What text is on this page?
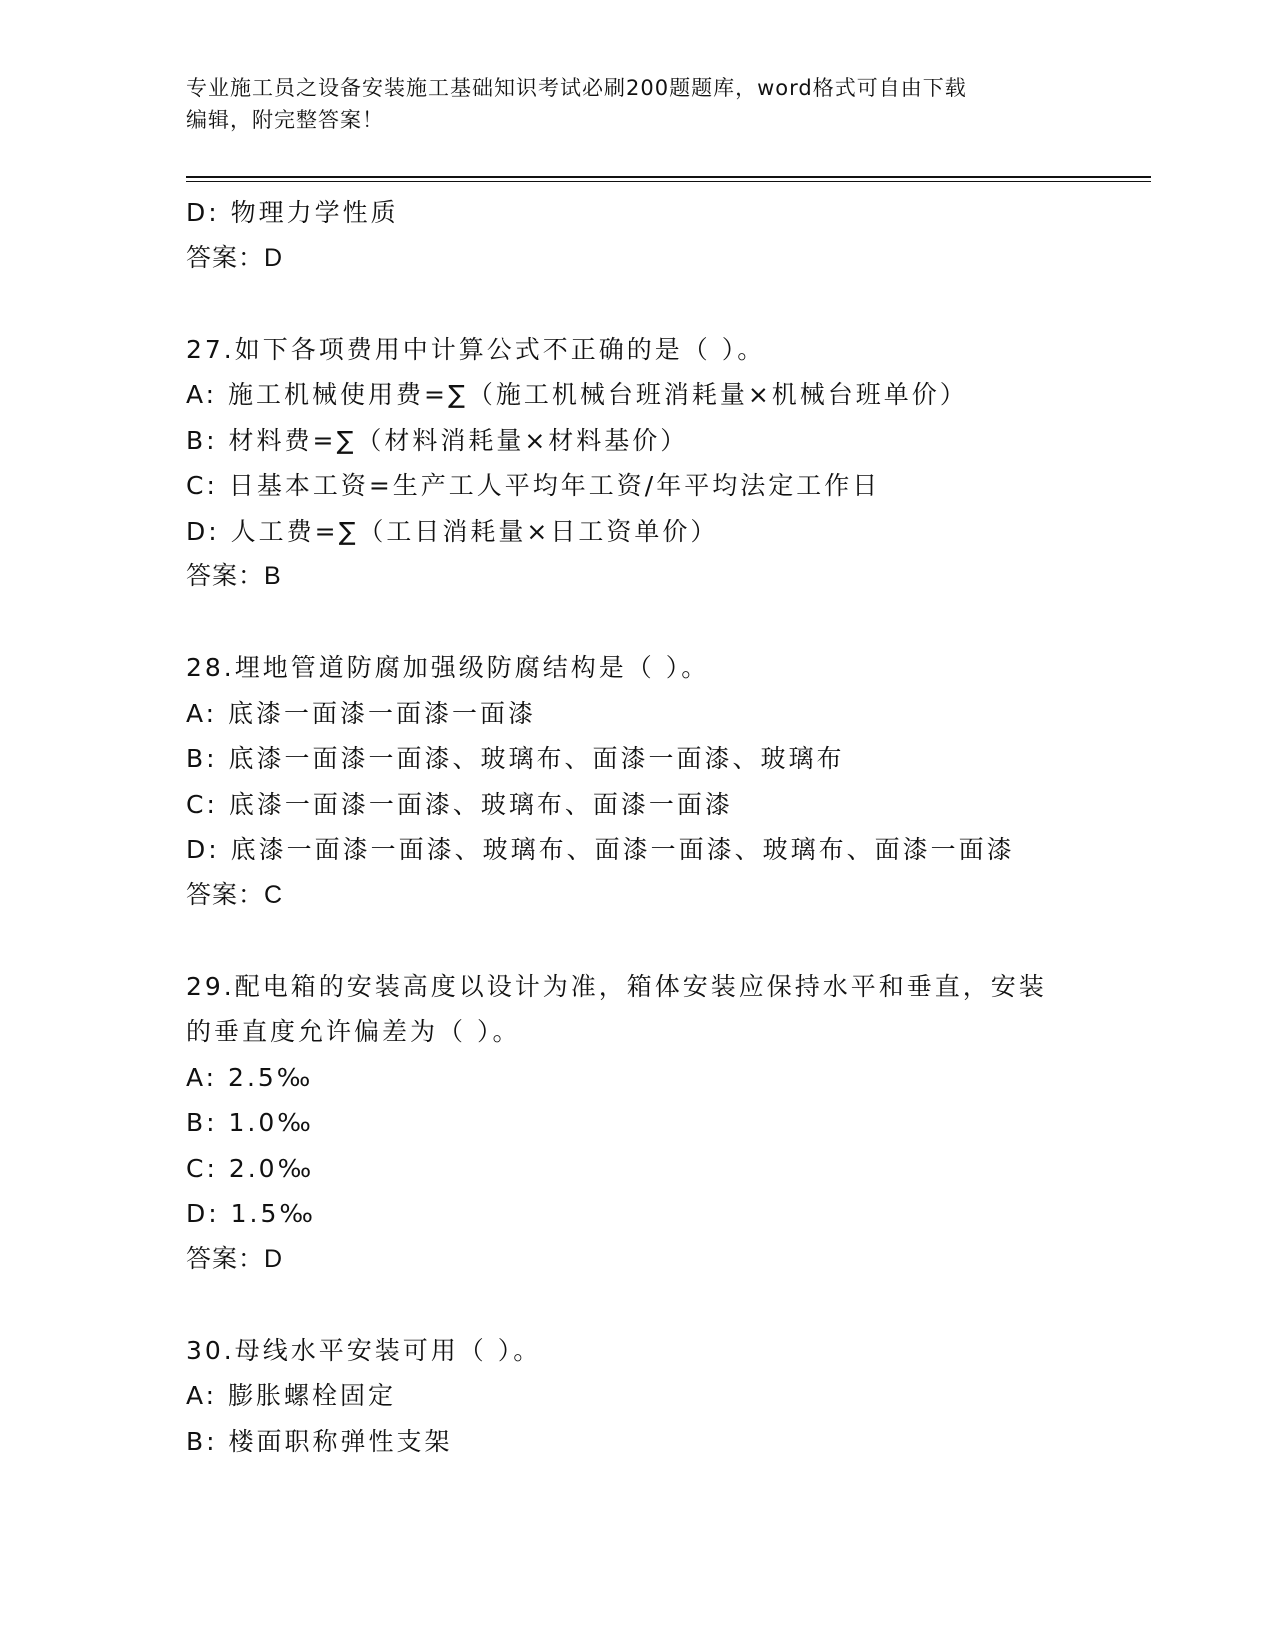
专业施工员之设备安装施工基础知识考试必刷200题题库，word格式可自由下载
编辑，附完整答案！
D: 物理力学性质
答案：D
27.如下各项费用中计算公式不正确的是（ ）。
A: 施工机械使用费=∑（施工机械台班消耗量×机械台班单价）
B: 材料费=∑（材料消耗量×材料基价）
C: 日基本工资=生产工人平均年工资/年平均法定工作日
D: 人工费=∑（工日消耗量×日工资单价）
答案：B
28.埋地管道防腐加强级防腐结构是（ ）。
A: 底漆一面漆一面漆一面漆
B: 底漆一面漆一面漆、玻璃布、面漆一面漆、玻璃布
C: 底漆一面漆一面漆、玻璃布、面漆一面漆
D: 底漆一面漆一面漆、玻璃布、面漆一面漆、玻璃布、面漆一面漆
答案：C
29.配电箱的安装高度以设计为准，箱体安装应保持水平和垂直，安装
的垂直度允许偏差为（ ）。
A: 2.5‰
B: 1.0‰
C: 2.0‰
D: 1.5‰
答案：D
30.母线水平安装可用（ ）。
A: 膨胀螺栓固定
B: 楼面职称弹性支架
